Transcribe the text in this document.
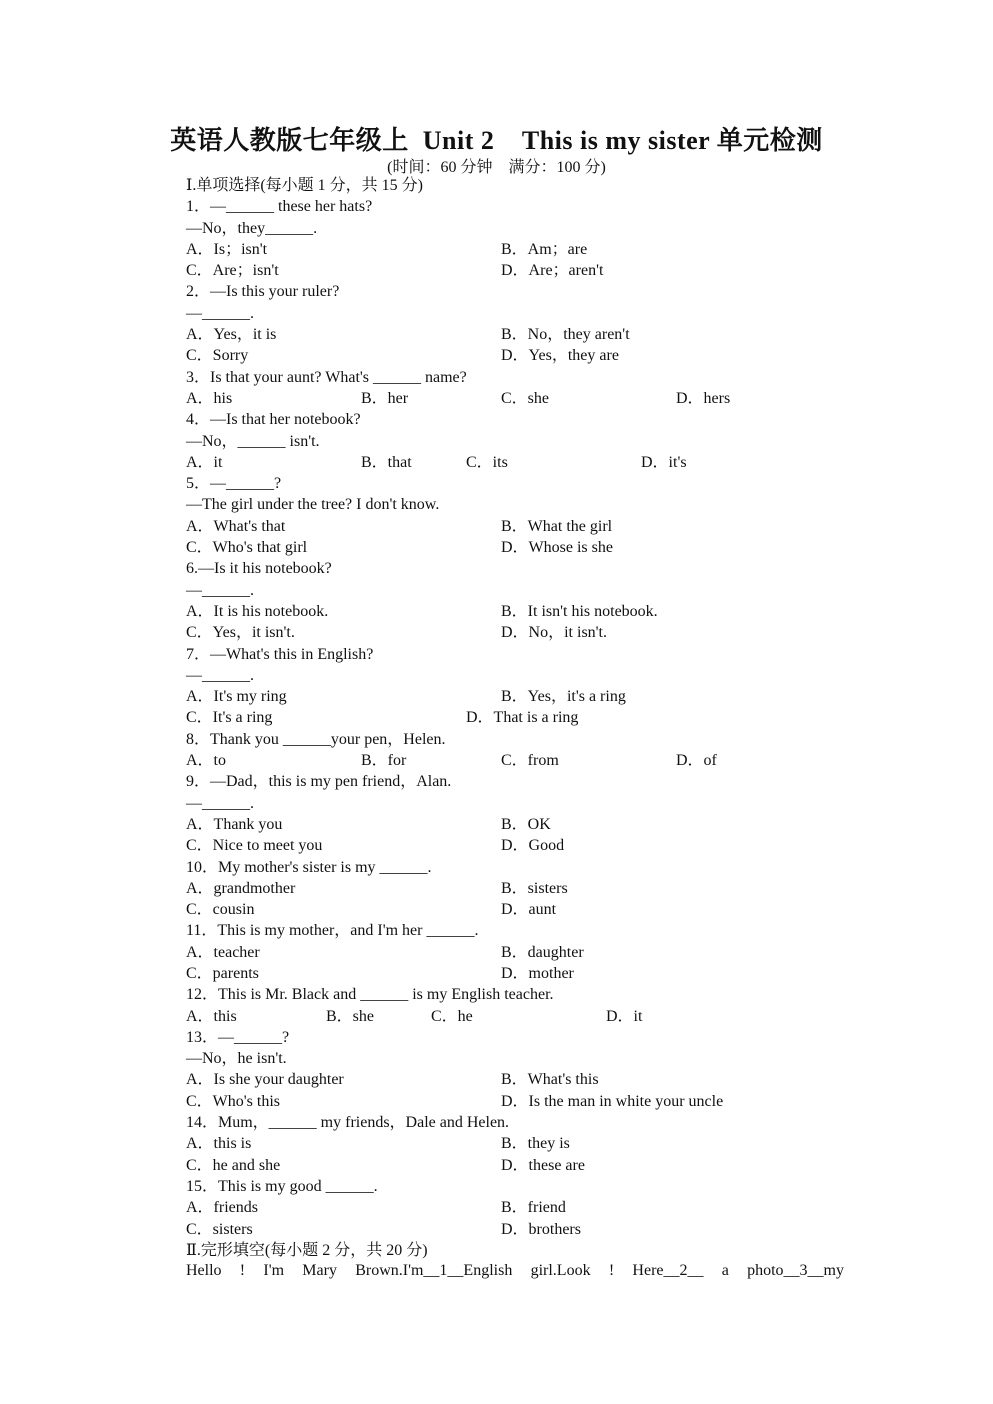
英语人教版七年级上  Unit 2    This is my sister 单元检测
(时间：60 分钟    满分：100 分)
Ⅰ.单项选择(每小题 1 分，共 15 分)
1．—______ these her hats?
—No，they______.
A．Is；isn't	B．Am；are
C．Are；isn't	D．Are；aren't
2．—Is this your ruler?
—______.
A．Yes，it is	B．No，they aren't
C．Sorry	D．Yes，they are
3．Is that your aunt? What's ______ name?
A．his	B．her	C．she	D．hers
4．—Is that her notebook?
—No，______ isn't.
A．it	B．that	C．its	D．it's
5．—______?
—The girl under the tree? I don't know.
A．What's that	B．What the girl
C．Who's that girl	D．Whose is she
6.—Is it his notebook?
—______.
A．It is his notebook.	B．It isn't his notebook.
C．Yes，it isn't.	D．No，it isn't.
7．—What's this in English?
—______.
A．It's my ring	B．Yes，it's a ring
C．It's a ring	D．That is a ring
8．Thank you ______your pen，Helen.
A．to	B．for	C．from	D．of
9．—Dad，this is my pen friend，Alan.
—______.
A．Thank you	B．OK
C．Nice to meet you	D．Good
10．My mother's sister is my ______.
A．grandmother	B．sisters
C．cousin	D．aunt
11．This is my mother，and I'm her ______.
A．teacher	B．daughter
C．parents	D．mother
12．This is Mr. Black and ______ is my English teacher.
A．this	B．she	C．he	D．it
13．—______?
—No，he isn't.
A．Is she your daughter	B．What's this
C．Who's this	D．Is the man in white your uncle
14．Mum，______ my friends，Dale and Helen.
A．this is	B．they is
C．he and she	D．these are
15．This is my good ______.
A．friends	B．friend
C．sisters	D．brothers
Ⅱ.完形填空(每小题 2 分，共 20 分)
Hello ! I'm Mary Brown.I'm__1__English girl.Look ! Here__2__ a photo__3__my
